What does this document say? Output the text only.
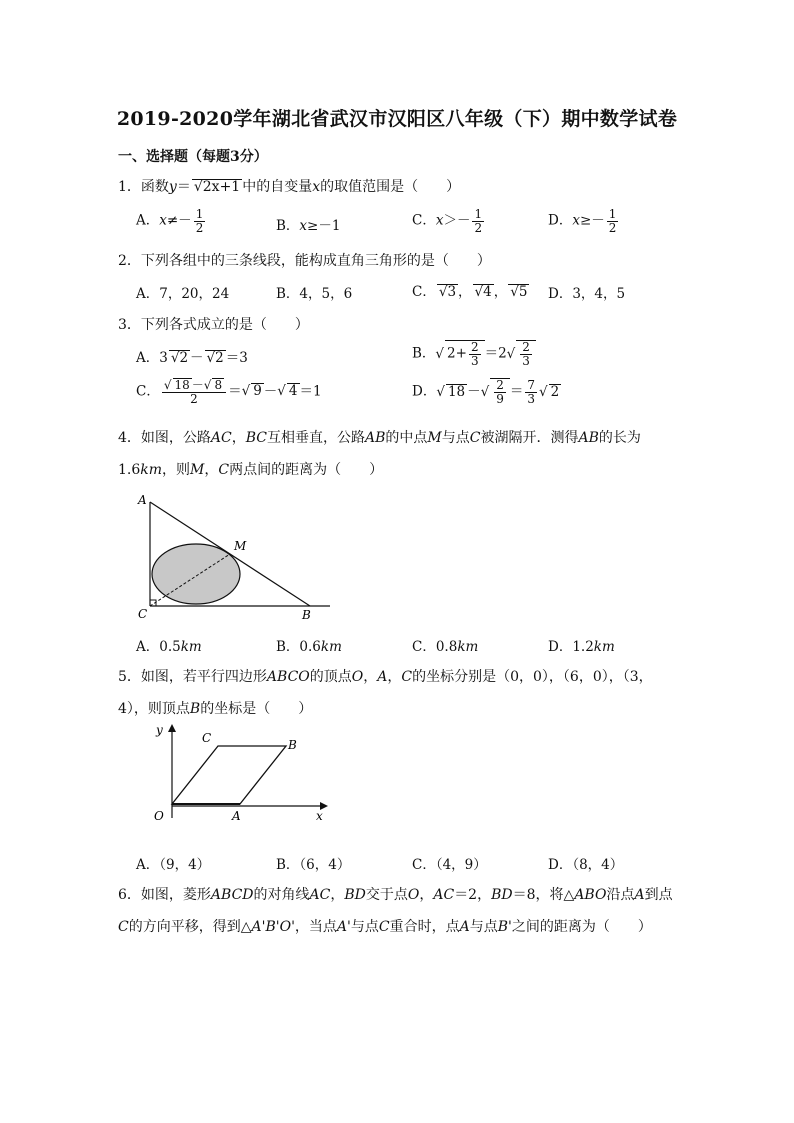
2019-2020学年湖北省武汉市汉阳区八年级（下）期中数学试卷
一、选择题（每题3分）
1．函数y＝√ 2x+1 中的自变量x的取值范围是（　　）
A．$x\ne- \frac{1}{2}$	B．x≥－1	C．$x>- \frac{1}{2}$	D．$x\ge- \frac{1}{2}$
2．下列各组中的三条线段，能构成直角三角形的是（　　）
A．7，20，24	B．4，5，6	C．√ 3 ，√ 4 ，√ 5 D．3，4，5
3．下列各式成立的是（　　）
A．3√ 2 －√ 2 ＝3	B．√ $2+ \frac{2}{3} =2√ \frac{2}{3}$
C．
√ $\frac{18 -√ 8}{2}$ ＝√ 9 －√ 4 ＝1	D．√ 18 －√ $\frac{2}{9} = \frac{7}{3}$
√ 2
4．如图，公路AC，BC互相垂直，公路AB的中点M与点C被湖隔开．测得AB的长为
1.6km，则M，C两点间的距离为（　　）
A
M
C	B
A．0.5km	B．0.6km	C．0.8km	D．1.2km
5．如图，若平行四边形ABCO的顶点O，A，C的坐标分别是（0，0），（6，0），（3，
4），则顶点B的坐标是（　　）
y
x
O	A
C	B
A．（9，4）	B．（6，4）	C．（4，9）	D．（8，4）
6．如图，菱形ABCD的对角线AC，BD交于点O，AC＝2，BD＝8，将△ABO沿点A到点
C的方向平移，得到△A'B'O'，当点A'与点C重合时，点A与点B'之间的距离为（　　）
